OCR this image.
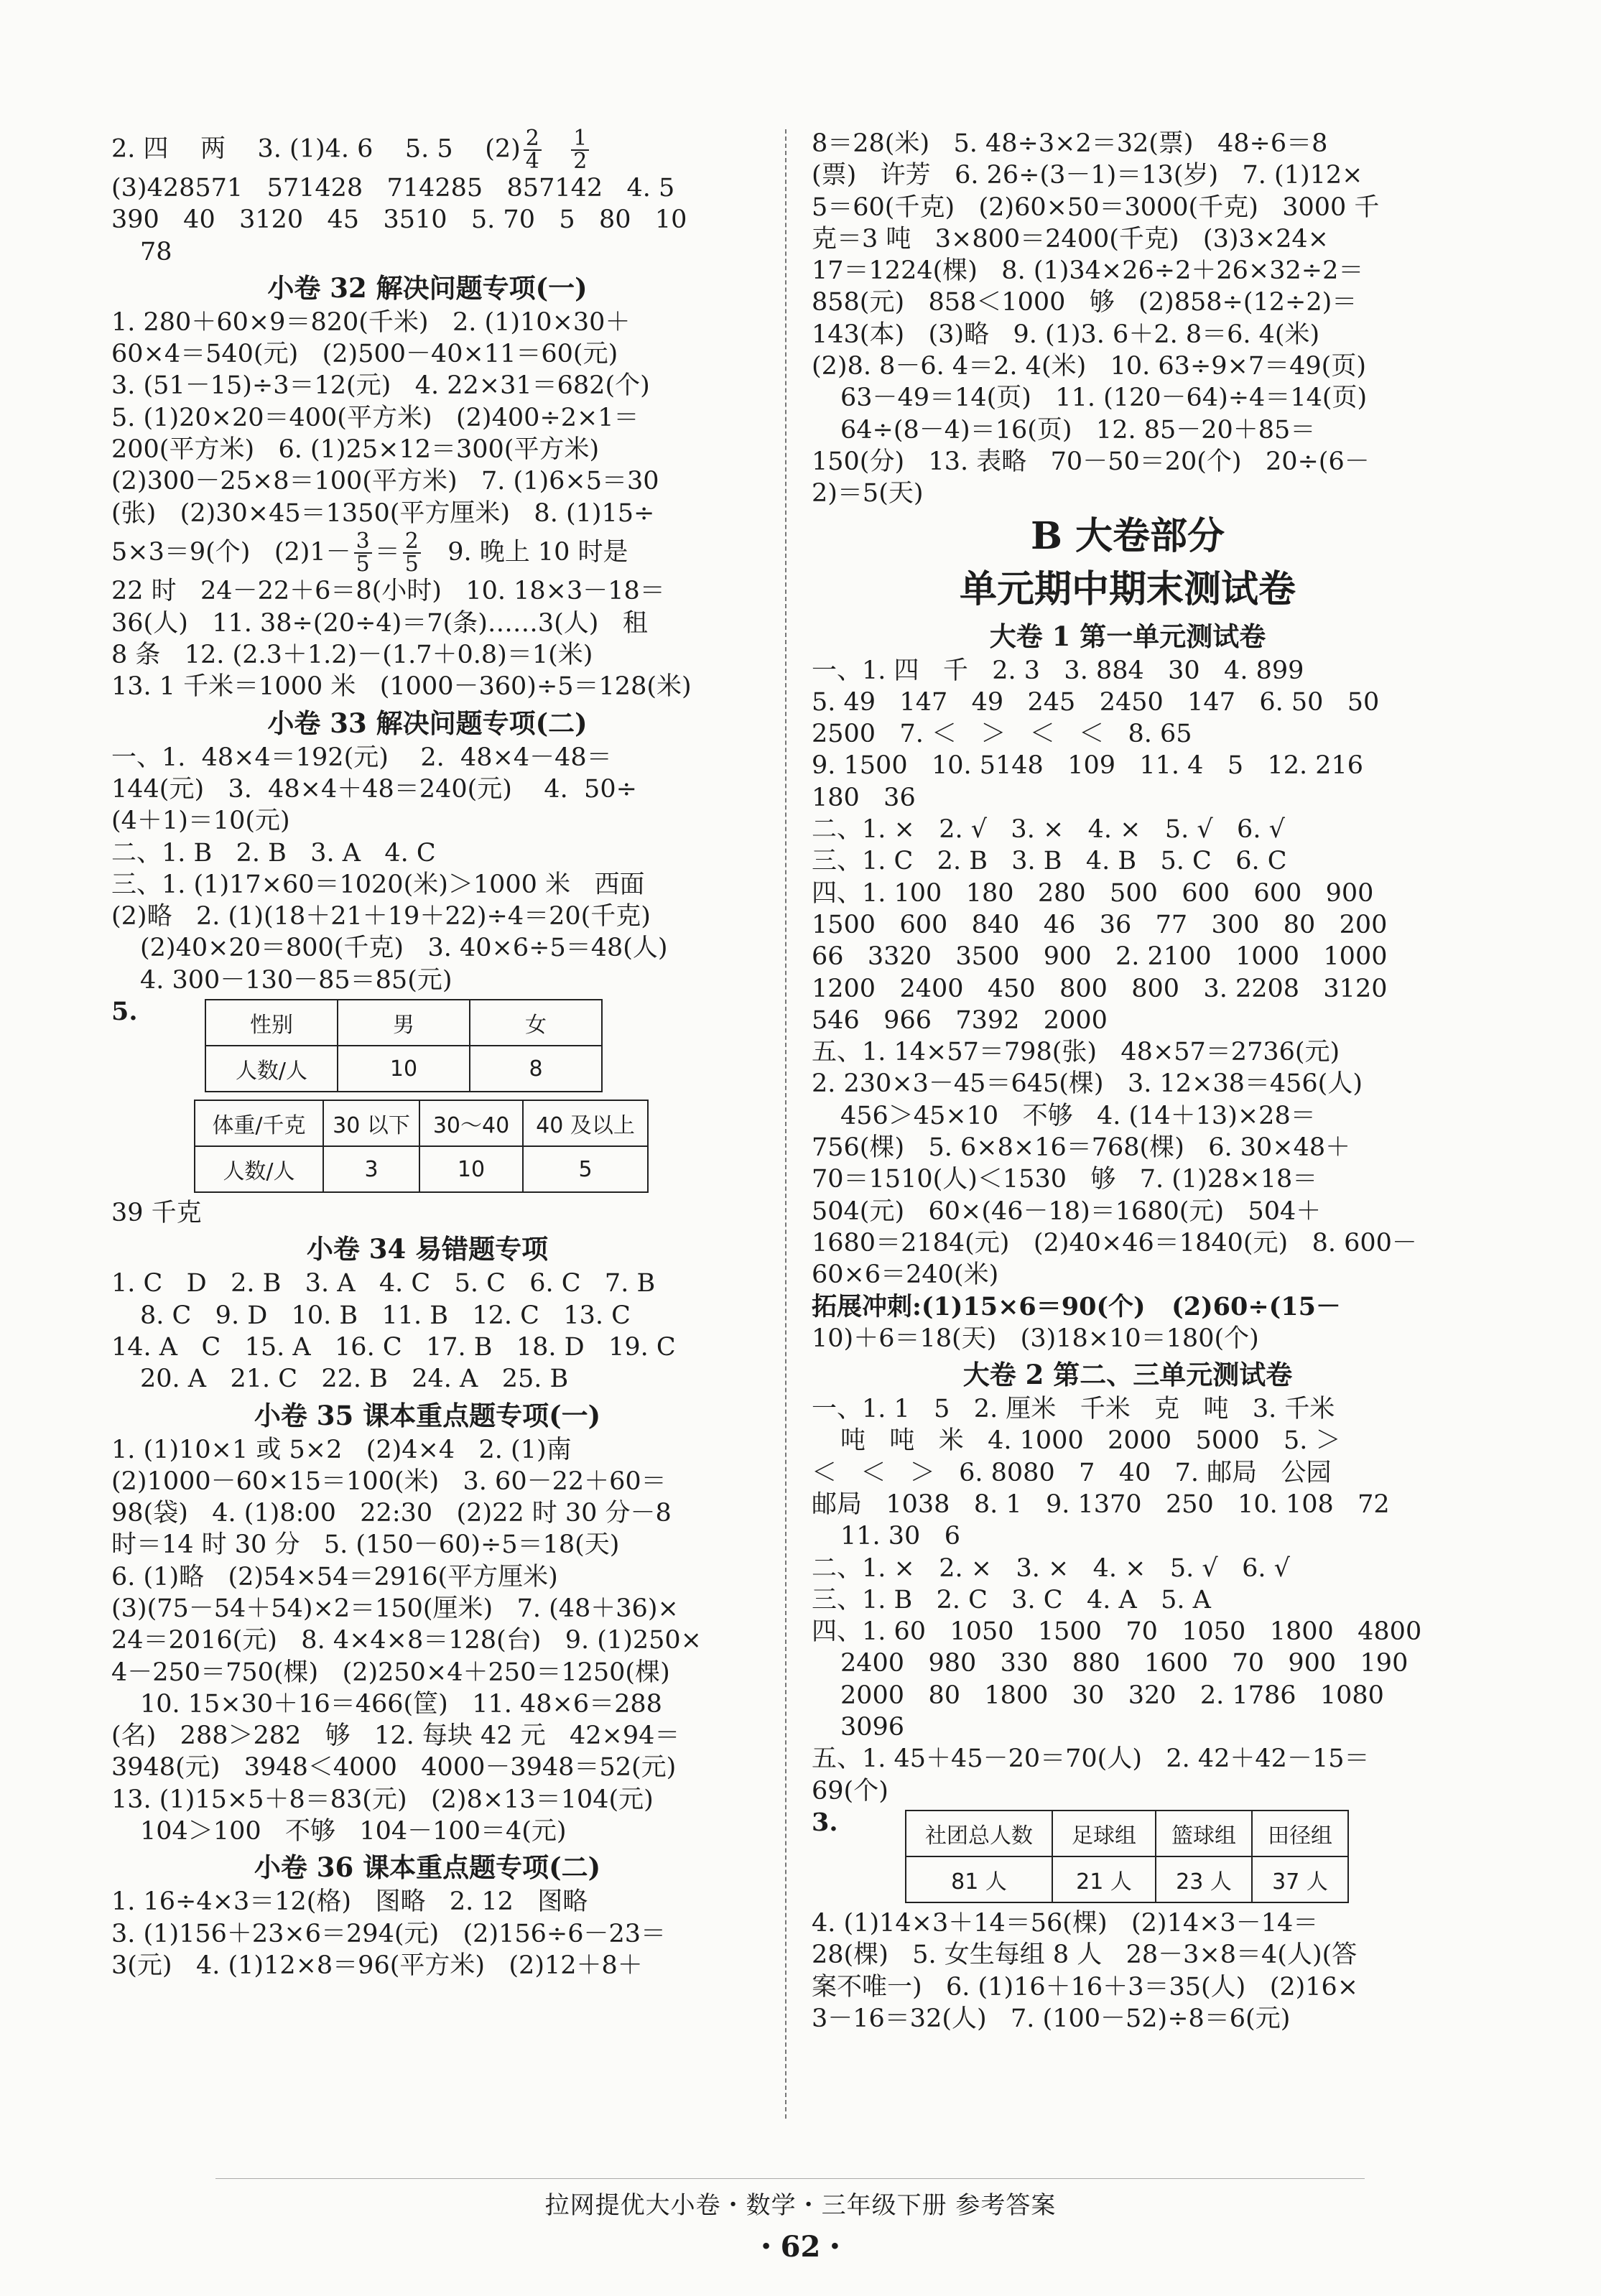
2. 四    两    3. (1)4. 6    5. 5    $(2) \frac{2}{4}$
$\frac{1}{2}$
(3)428571   571428   714285   857142   4. 5
390   40   3120   45   3510   5. 70   5   80   10
78
小卷 32 解决问题专项(一)
1. 280＋60×9＝820(千米)   2. (1)10×30＋
60×4＝540(元)   (2)500－40×11＝60(元)
3. (51－15)÷3＝12(元)   4. 22×31＝682(个)
5. (1)20×20＝400(平方米)   (2)400÷2×1＝
200(平方米)   6. (1)25×12＝300(平方米)
(2)300－25×8＝100(平方米)   7. (1)6×5＝30
(张)   (2)30×45＝1350(平方厘米)   8. (1)15÷
5×3＝9(个)   $(2)1- \frac{3}{5} = \frac{2}{5} 9$. 晚上 10 时是
22 时   24－22＋6＝8(小时)   10. 18×3－18＝
36(人)   11. 38÷(20÷4)＝7(条)……3(人)   租
8 条   12. (2.3＋1.2)－(1.7＋0.8)＝1(米)
13. 1 千米＝1000 米   (1000－360)÷5＝128(米)
小卷 33 解决问题专项(二)
一、1.  48×4＝192(元)    2.  48×4－48＝
144(元)   3.  48×4＋48＝240(元)    4.  50÷
(4＋1)＝10(元)
二、1. B   2. B   3. A   4. C
三、1. (1)17×60＝1020(米)＞1000 米   西面
(2)略   2. (1)(18＋21＋19＋22)÷4＝20(千克)
(2)40×20＝800(千克)   3. 40×6÷5＝48(人)
4. 300－130－85＝85(元)
5.	性别	男	女
人数/人	10	8
体重/千克	30 以下	30～40	40 及以上
人数/人	3	10	5
39 千克
小卷 34 易错题专项
1. C   D   2. B   3. A   4. C   5. C   6. C   7. B
8. C   9. D   10. B   11. B   12. C   13. C
14. A   C   15. A   16. C   17. B   18. D   19. C
20. A   21. C   22. B   24. A   25. B
小卷 35 课本重点题专项(一)
1. (1)10×1 或 5×2   (2)4×4   2. (1)南
(2)1000－60×15＝100(米)   3. 60－22＋60＝
98(袋)   4. (1)8:00   22:30   (2)22 时 30 分－8
时＝14 时 30 分   5. (150－60)÷5＝18(天)
6. (1)略   (2)54×54＝2916(平方厘米)
(3)(75－54＋54)×2＝150(厘米)   7. (48＋36)×
24＝2016(元)   8. 4×4×8＝128(台)   9. (1)250×
4－250＝750(棵)   (2)250×4＋250＝1250(棵)
10. 15×30＋16＝466(筐)   11. 48×6＝288
(名)   288＞282   够   12. 每块 42 元   42×94＝
3948(元)   3948＜4000   4000－3948＝52(元)
13. (1)15×5＋8＝83(元)   (2)8×13＝104(元)
104＞100   不够   104－100＝4(元)
小卷 36 课本重点题专项(二)
1. 16÷4×3＝12(格)   图略   2. 12   图略
3. (1)156＋23×6＝294(元)   (2)156÷6－23＝
3(元)   4. (1)12×8＝96(平方米)   (2)12＋8＋
8＝28(米)   5. 48÷3×2＝32(票)   48÷6＝8
(票)   许芳   6. 26÷(3－1)＝13(岁)   7. (1)12×
5＝60(千克)   (2)60×50＝3000(千克)   3000 千
克＝3 吨   3×800＝2400(千克)   (3)3×24×
17＝1224(棵)   8. (1)34×26÷2＋26×32÷2＝
858(元)   858＜1000   够   (2)858÷(12÷2)＝
143(本)   (3)略   9. (1)3. 6＋2. 8＝6. 4(米)
(2)8. 8－6. 4＝2. 4(米)   10. 63÷9×7＝49(页)
63－49＝14(页)   11. (120－64)÷4＝14(页)
64÷(8－4)＝16(页)   12. 85－20＋85＝
150(分)   13. 表略   70－50＝20(个)   20÷(6－
2)＝5(天)
B 大卷部分
单元期中期末测试卷
大卷 1 第一单元测试卷
一、1. 四   千   2. 3   3. 884   30   4. 899
5. 49   147   49   245   2450   147   6. 50   50
2500   7. ＜   ＞   ＜   ＜   8. 65
9. 1500   10. 5148   109   11. 4   5   12. 216
180   36
二、1. ×   2. √   3. ×   4. ×   5. √   6. √
三、1. C   2. B   3. B   4. B   5. C   6. C
四、1. 100   180   280   500   600   600   900
1500   600   840   46   36   77   300   80   200
66   3320   3500   900   2. 2100   1000   1000
1200   2400   450   800   800   3. 2208   3120
546   966   7392   2000
五、1. 14×57＝798(张)   48×57＝2736(元)
2. 230×3－45＝645(棵)   3. 12×38＝456(人)
456＞45×10   不够   4. (14＋13)×28＝
756(棵)   5. 6×8×16＝768(棵)   6. 30×48＋
70＝1510(人)＜1530   够   7. (1)28×18＝
504(元)   60×(46－18)＝1680(元)   504＋
1680＝2184(元)   (2)40×46＝1840(元)   8. 600－
60×6＝240(米)
拓展冲刺:(1)15×6＝90(个)   (2)60÷(15－
10)＋6＝18(天)   (3)18×10＝180(个)
大卷 2 第二、三单元测试卷
一、1. 1   5   2. 厘米   千米   克   吨   3. 千米
吨   吨   米   4. 1000   2000   5000   5. ＞
＜   ＜   ＞   6. 8080   7   40   7. 邮局   公园
邮局   1038   8. 1   9. 1370   250   10. 108   72
11. 30   6
二、1. ×   2. ×   3. ×   4. ×   5. √   6. √
三、1. B   2. C   3. C   4. A   5. A
四、1. 60   1050   1500   70   1050   1800   4800
2400   980   330   880   1600   70   900   190
2000   80   1800   30   320   2. 1786   1080
3096
五、1. 45＋45－20＝70(人)   2. 42＋42－15＝
69(个)
3.	社团总人数	足球组	篮球组	田径组
81 人	21 人	23 人	37 人
4. (1)14×3＋14＝56(棵)   (2)14×3－14＝
28(棵)   5. 女生每组 8 人   28－3×8＝4(人)(答
案不唯一)   6. (1)16＋16＋3＝35(人)   (2)16×
3－16＝32(人)   7. (100－52)÷8＝6(元)
拉网提优大小卷・数学・三年级下册 参考答案
・62・
